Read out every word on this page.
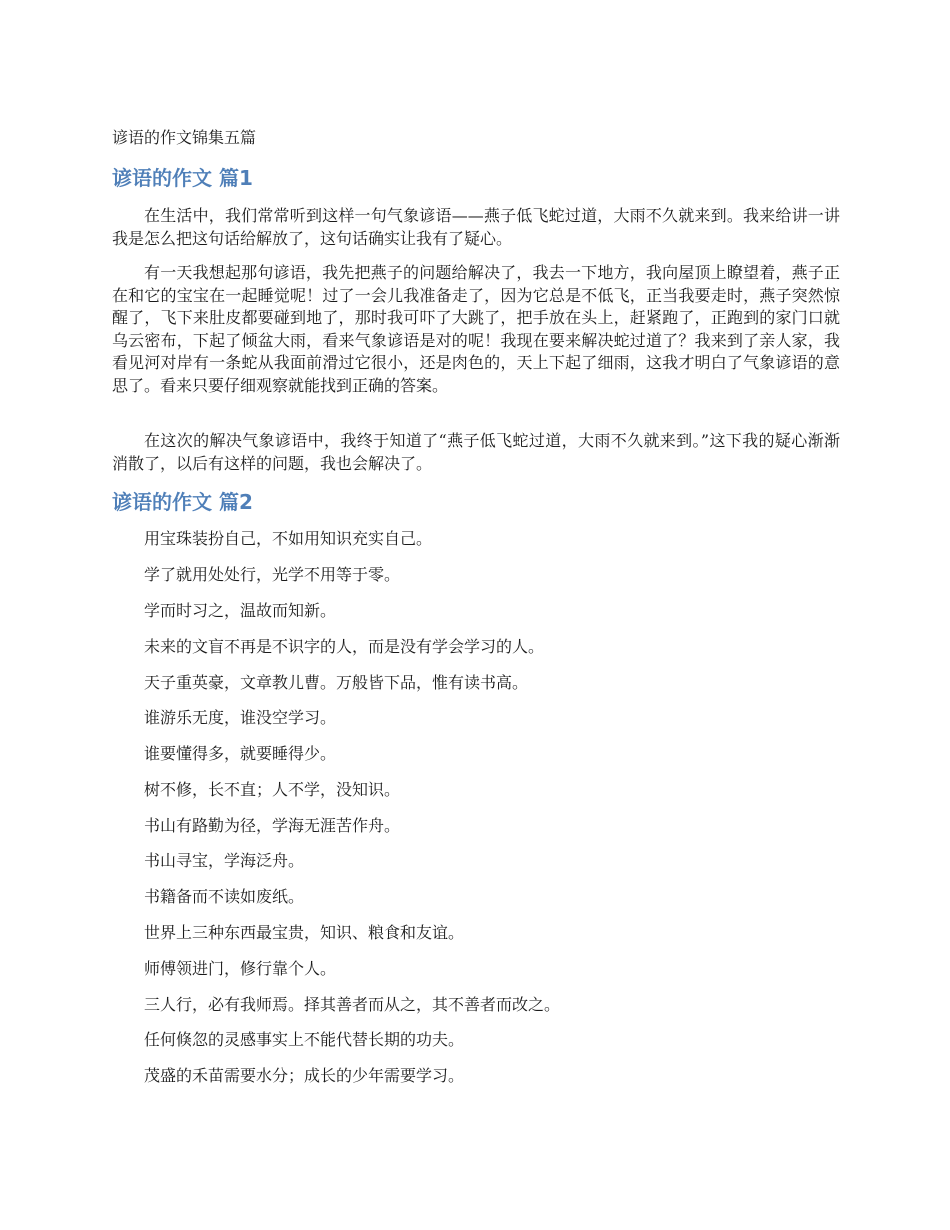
谚语的作文锦集五篇
谚语的作文 篇1

在生活中，我们常常听到这样一句气象谚语——燕子低飞蛇过道，大雨不久就来到。我来给讲一讲我是怎么把这句话给解放了，这句话确实让我有了疑心。

有一天我想起那句谚语，我先把燕子的问题给解决了，我去一下地方，我向屋顶上瞭望着，燕子正在和它的宝宝在一起睡觉呢！过了一会儿我准备走了，因为它总是不低飞，正当我要走时，燕子突然惊醒了，飞下来肚皮都要碰到地了，那时我可吓了大跳了，把手放在头上，赶紧跑了，正跑到的家门口就乌云密布，下起了倾盆大雨，看来气象谚语是对的呢！我现在要来解决蛇过道了？我来到了亲人家，我看见河对岸有一条蛇从我面前滑过它很小，还是肉色的，天上下起了细雨，这我才明白了气象谚语的意思了。看来只要仔细观察就能找到正确的答案。

在这次的解决气象谚语中，我终于知道了“燕子低飞蛇过道，大雨不久就来到。”这下我的疑心渐渐消散了，以后有这样的问题，我也会解决了。

谚语的作文 篇2

用宝珠装扮自己，不如用知识充实自己。

学了就用处处行，光学不用等于零。

学而时习之，温故而知新。

未来的文盲不再是不识字的人，而是没有学会学习的人。

天子重英豪，文章教儿曹。万般皆下品，惟有读书高。

谁游乐无度，谁没空学习。

谁要懂得多，就要睡得少。

树不修，长不直；人不学，没知识。

书山有路勤为径，学海无涯苦作舟。

书山寻宝，学海泛舟。

书籍备而不读如废纸。

世界上三种东西最宝贵，知识、粮食和友谊。

师傅领进门，修行靠个人。

三人行，必有我师焉。择其善者而从之，其不善者而改之。

任何倏忽的灵感事实上不能代替长期的功夫。

茂盛的禾苗需要水分；成长的少年需要学习。
